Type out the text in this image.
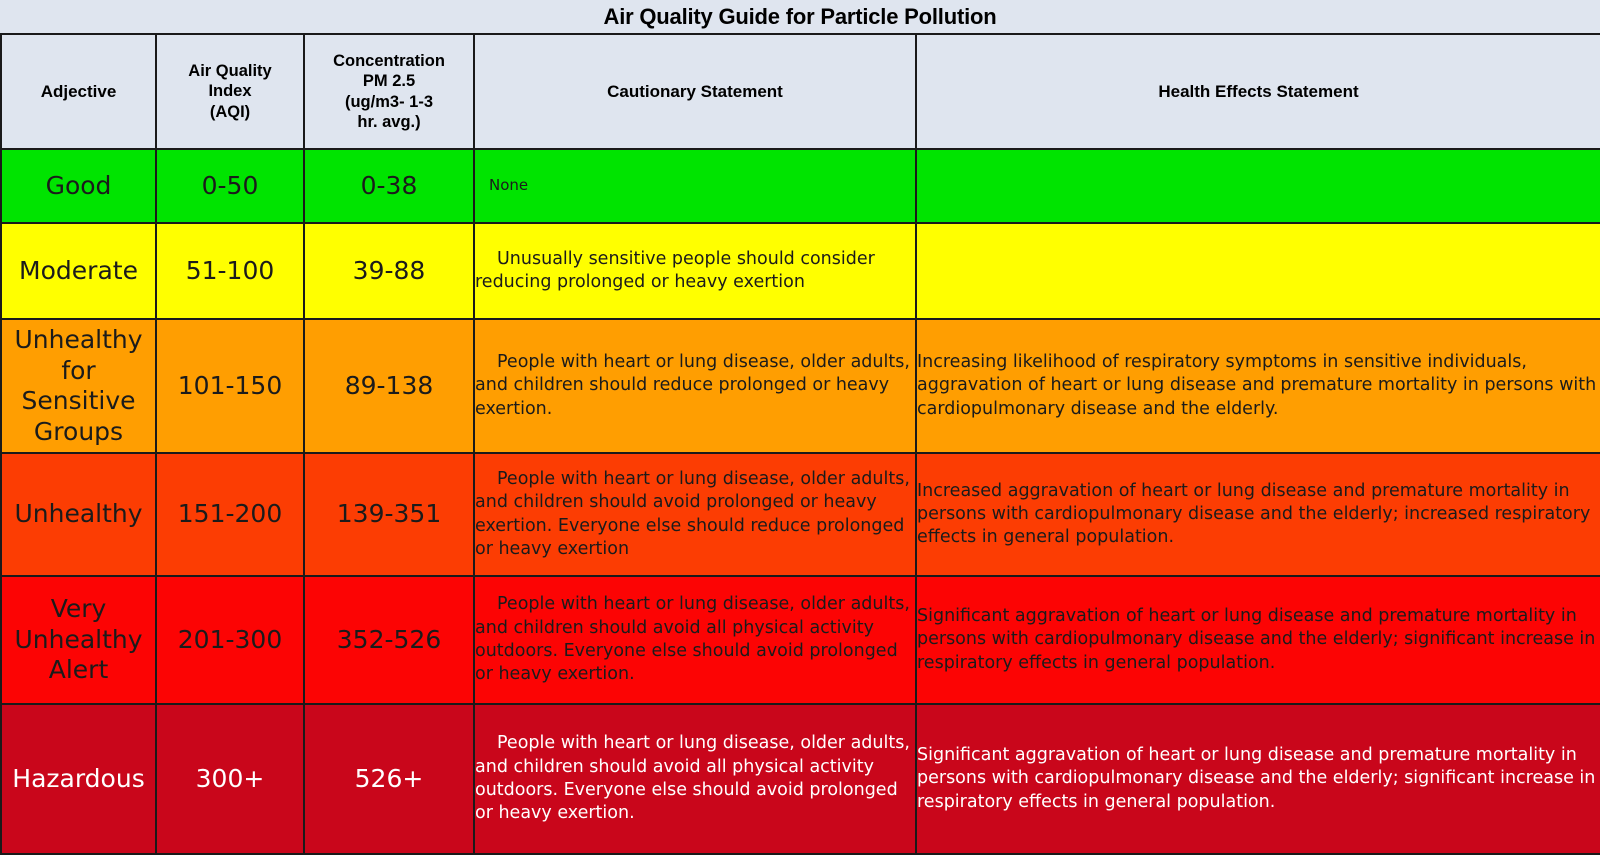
Air Quality Guide for Particle Pollution
Adjective	Air Quality
Index
(AQI)	Concentration
PM 2.5
(ug/m3- 1-3
hr. avg.)	Cautionary Statement	Health Effects Statement

Good	0-50	0-38	None	

Moderate	51-100	39-88	Unusually sensitive people should consider reducing prolonged or heavy exertion	

Unhealthy
for
Sensitive
Groups	101-150	89-138	People with heart or lung disease, older adults, and children should reduce prolonged or heavy exertion.	Increasing likelihood of respiratory symptoms in sensitive individuals, aggravation of heart or lung disease and premature mortality in persons with cardiopulmonary disease and the elderly.

Unhealthy	151-200	139-351	People with heart or lung disease, older adults, and children should avoid prolonged or heavy exertion. Everyone else should reduce prolonged or heavy exertion	Increased aggravation of heart or lung disease and premature mortality in persons with cardiopulmonary disease and the elderly; increased respiratory effects in general population.

Very
Unhealthy
Alert	201-300	352-526	People with heart or lung disease, older adults, and children should avoid all physical activity outdoors. Everyone else should avoid prolonged or heavy exertion.	Significant aggravation of heart or lung disease and premature mortality in persons with cardiopulmonary disease and the elderly; significant increase in respiratory effects in general population.

Hazardous	300+	526+	People with heart or lung disease, older adults, and children should avoid all physical activity outdoors. Everyone else should avoid prolonged or heavy exertion.	Significant aggravation of heart or lung disease and premature mortality in persons with cardiopulmonary disease and the elderly; significant increase in respiratory effects in general population.
